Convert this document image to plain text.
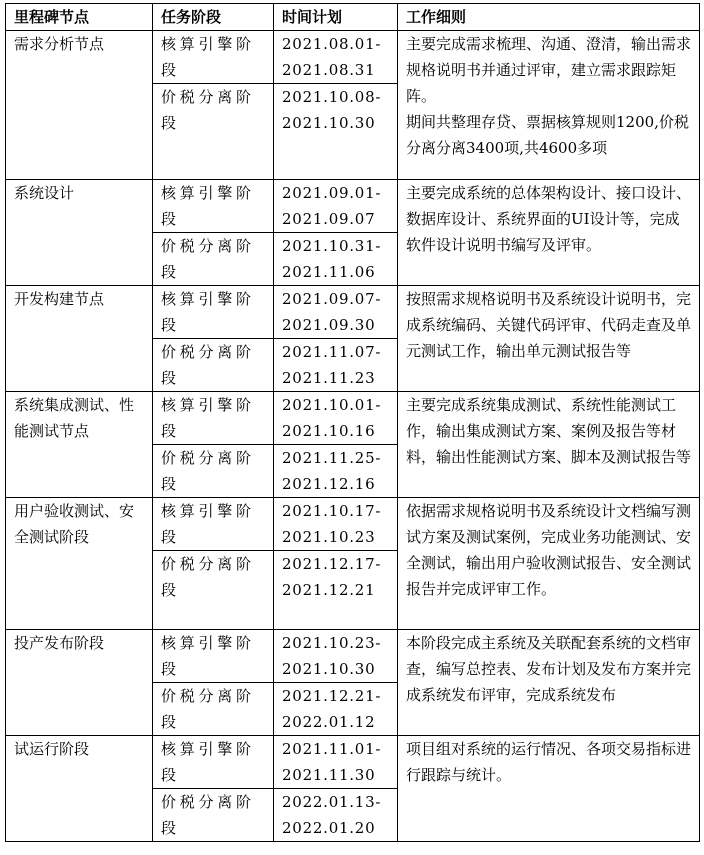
里程碑节点	任务阶段	时间计划	工作细则
需求分析节点	核算引擎阶段	2021.08.01-2021.08.31	主要完成需求梳理、沟通、澄清，输出需求规格说明书并通过评审，建立需求跟踪矩阵。

期间共整理存贷、票据核算规则1200,价税分离分离3400项,共4600多项

	价税分离阶段	2021.10.08-2021.10.30	
系统设计	核算引擎阶段	2021.09.01-2021.09.07	主要完成系统的总体架构设计、接口设计、数据库设计、系统界面的UI设计等，完成软件设计说明书编写及评审。

	价税分离阶段	2021.10.31-2021.11.06	
开发构建节点	核算引擎阶段	2021.09.07-2021.09.30	按照需求规格说明书及系统设计说明书，完成系统编码、关键代码评审、代码走查及单元测试工作，输出单元测试报告等

	价税分离阶段	2021.11.07-2021.11.23	
系统集成测试、性能测试节点	核算引擎阶段	2021.10.01-2021.10.16	主要完成系统集成测试、系统性能测试工作，输出集成测试方案、案例及报告等材料，输出性能测试方案、脚本及测试报告等

	价税分离阶段	2021.11.25-2021.12.16	
用户验收测试、安全测试阶段	核算引擎阶段	2021.10.17-2021.10.23	依据需求规格说明书及系统设计文档编写测试方案及测试案例，完成业务功能测试、安全测试，输出用户验收测试报告、安全测试报告并完成评审工作。

	价税分离阶段	2021.12.17-2021.12.21	
投产发布阶段	核算引擎阶段	2021.10.23-2021.10.30	本阶段完成主系统及关联配套系统的文档审查，编写总控表、发布计划及发布方案并完成系统发布评审，完成系统发布

	价税分离阶段	2021.12.21-2022.01.12	
试运行阶段	核算引擎阶段	2021.11.01-2021.11.30	项目组对系统的运行情况、各项交易指标进行跟踪与统计。

	价税分离阶段	2022.01.13-2022.01.20	
